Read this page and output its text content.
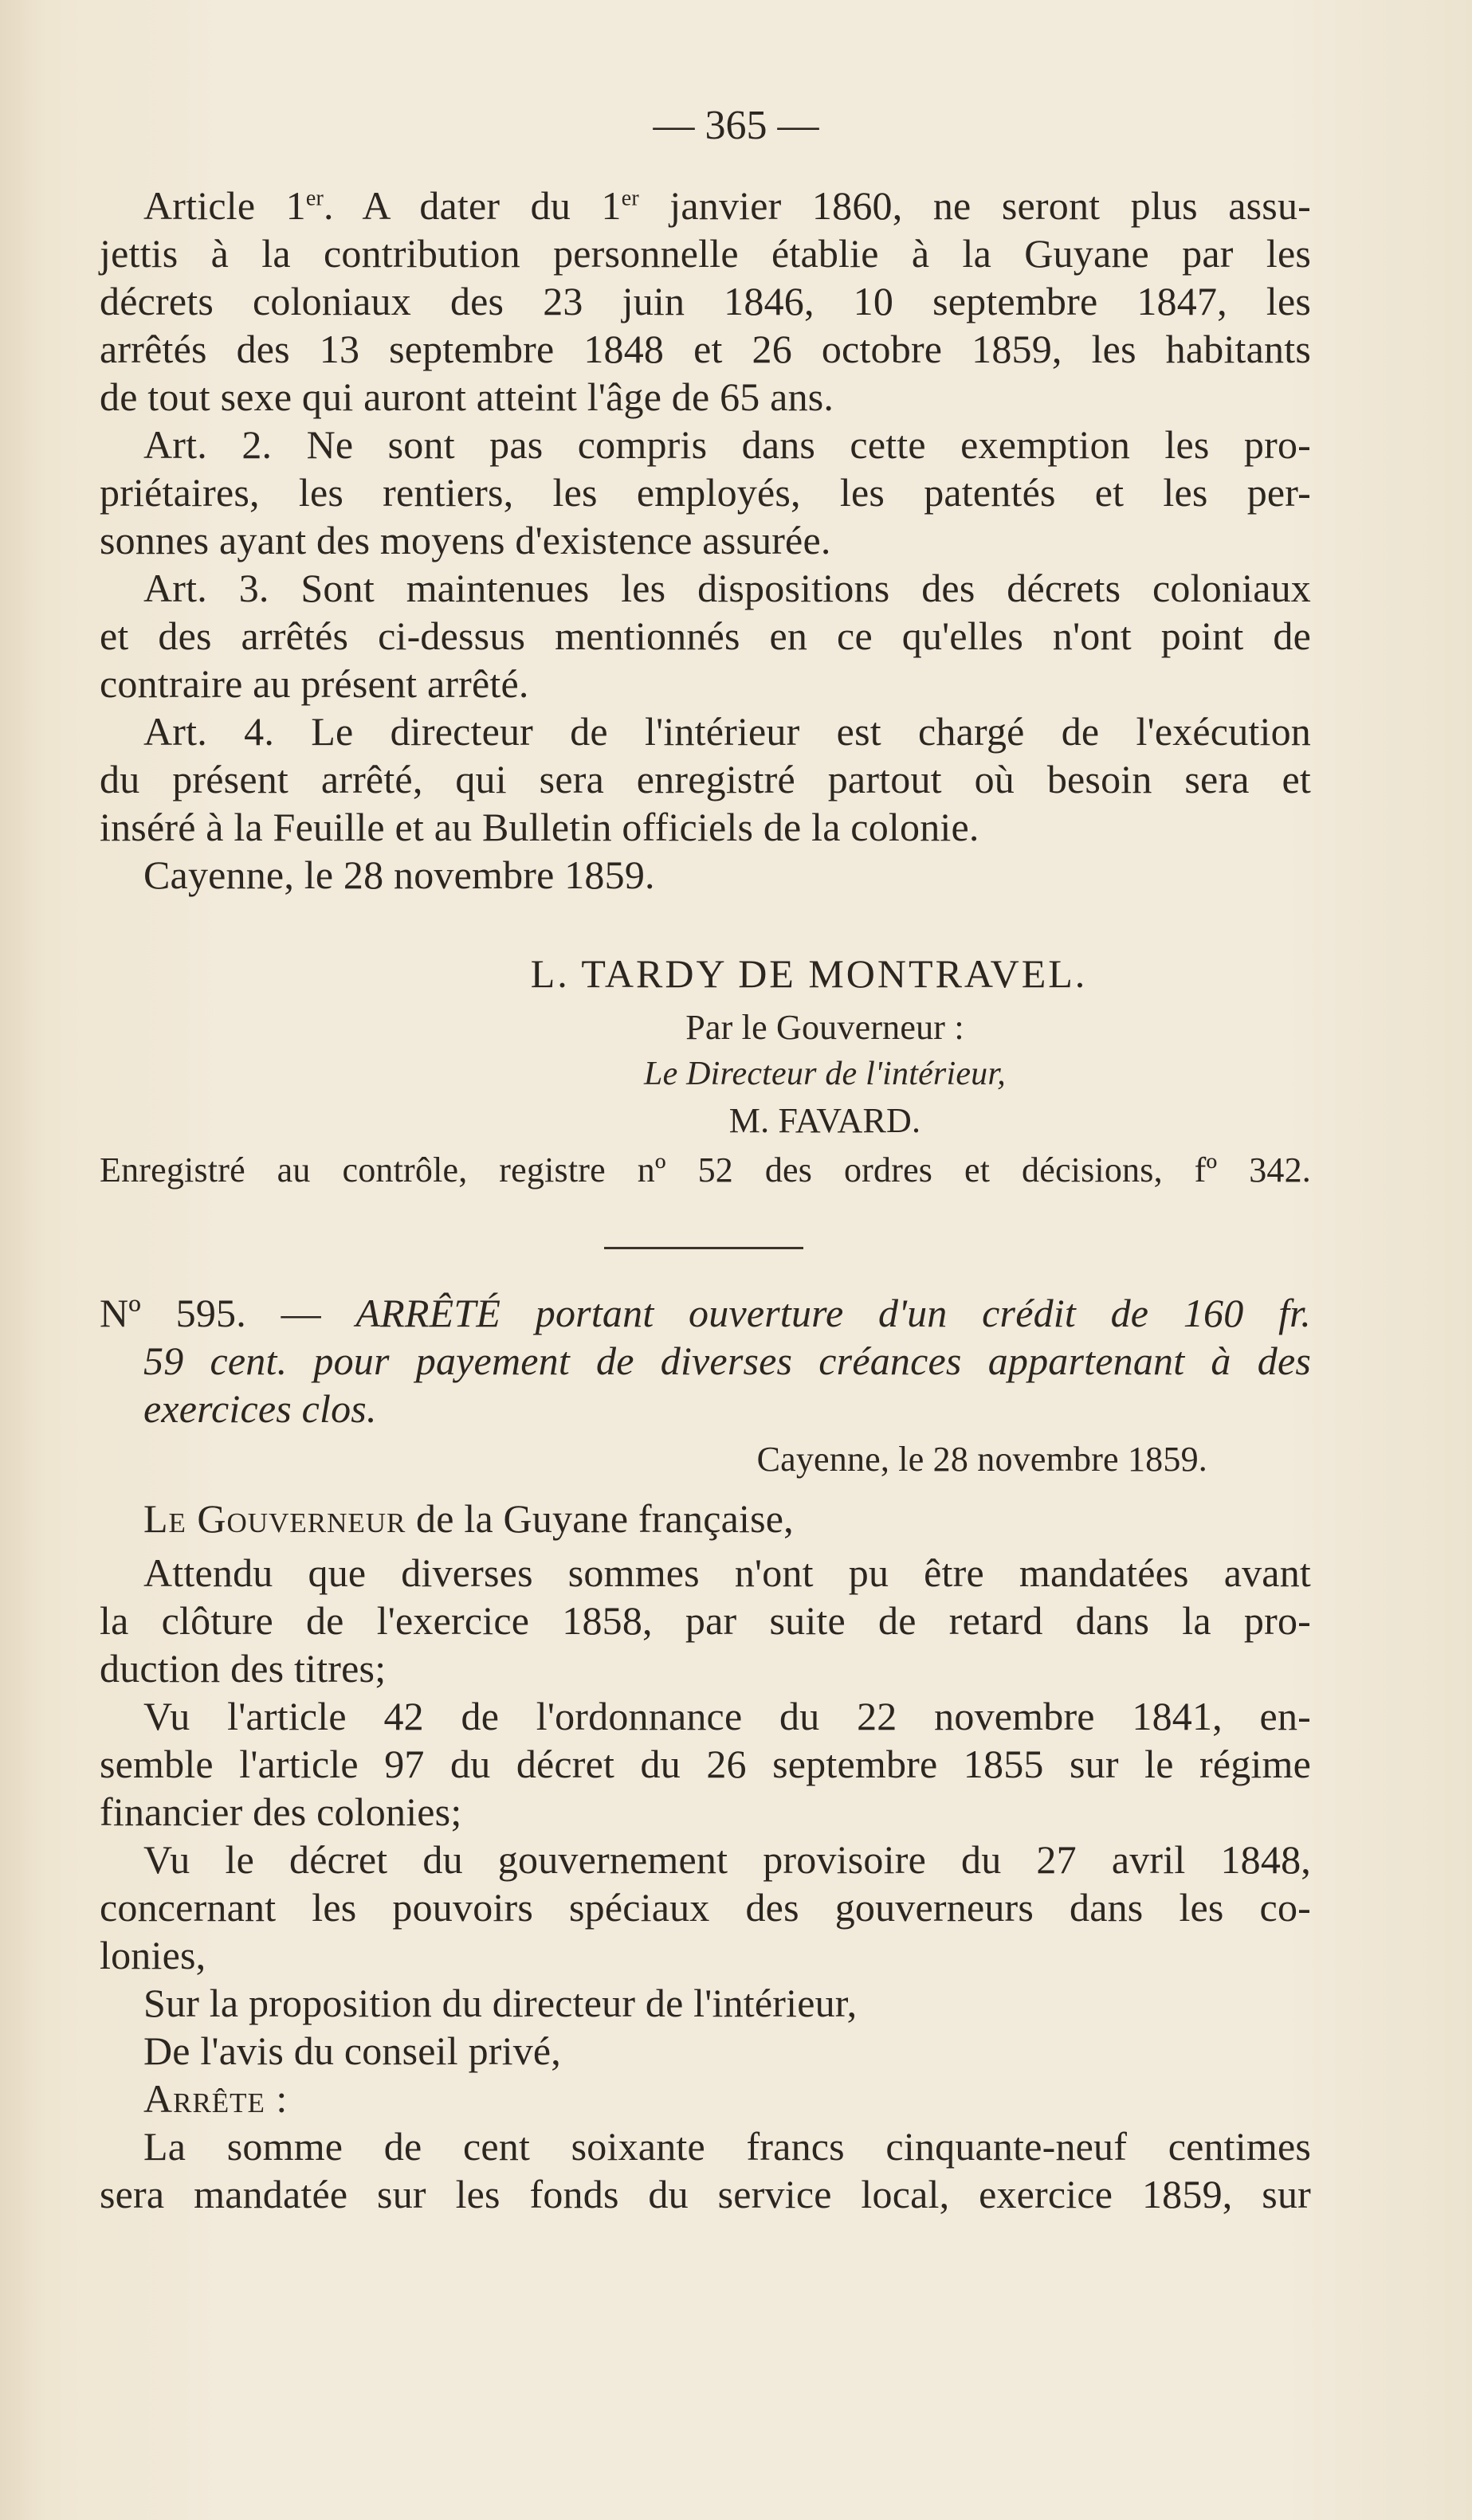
— 365 —
Article 1er. A dater du 1er janvier 1860, ne seront plus assu-
jettis à la contribution personnelle établie à la Guyane par les
décrets coloniaux des 23 juin 1846, 10 septembre 1847, les
arrêtés des 13 septembre 1848 et 26 octobre 1859, les habitants
de tout sexe qui auront atteint l'âge de 65 ans.
Art. 2. Ne sont pas compris dans cette exemption les pro-
priétaires, les rentiers, les employés, les patentés et les per-
sonnes ayant des moyens d'existence assurée.
Art. 3. Sont maintenues les dispositions des décrets coloniaux
et des arrêtés ci-dessus mentionnés en ce qu'elles n'ont point de
contraire au présent arrêté.
Art. 4. Le directeur de l'intérieur est chargé de l'exécution
du présent arrêté, qui sera enregistré partout où besoin sera et
inséré à la Feuille et au Bulletin officiels de la colonie.
Cayenne, le 28 novembre 1859.
L. TARDY DE MONTRAVEL.
Par le Gouverneur :
Le Directeur de l'intérieur,
M. FAVARD.
Enregistré au contrôle, registre nº 52 des ordres et décisions, fº 342.
Nº 595. — ARRÊTÉ portant ouverture d'un crédit de 160 fr.
59 cent. pour payement de diverses créances appartenant à des
exercices clos.
Cayenne, le 28 novembre 1859.
Le Gouverneur de la Guyane française,
Attendu que diverses sommes n'ont pu être mandatées avant
la clôture de l'exercice 1858, par suite de retard dans la pro-
duction des titres;
Vu l'article 42 de l'ordonnance du 22 novembre 1841, en-
semble l'article 97 du décret du 26 septembre 1855 sur le régime
financier des colonies;
Vu le décret du gouvernement provisoire du 27 avril 1848,
concernant les pouvoirs spéciaux des gouverneurs dans les co-
lonies,
Sur la proposition du directeur de l'intérieur,
De l'avis du conseil privé,
Arrête :
La somme de cent soixante francs cinquante-neuf centimes
sera mandatée sur les fonds du service local, exercice 1859, sur
